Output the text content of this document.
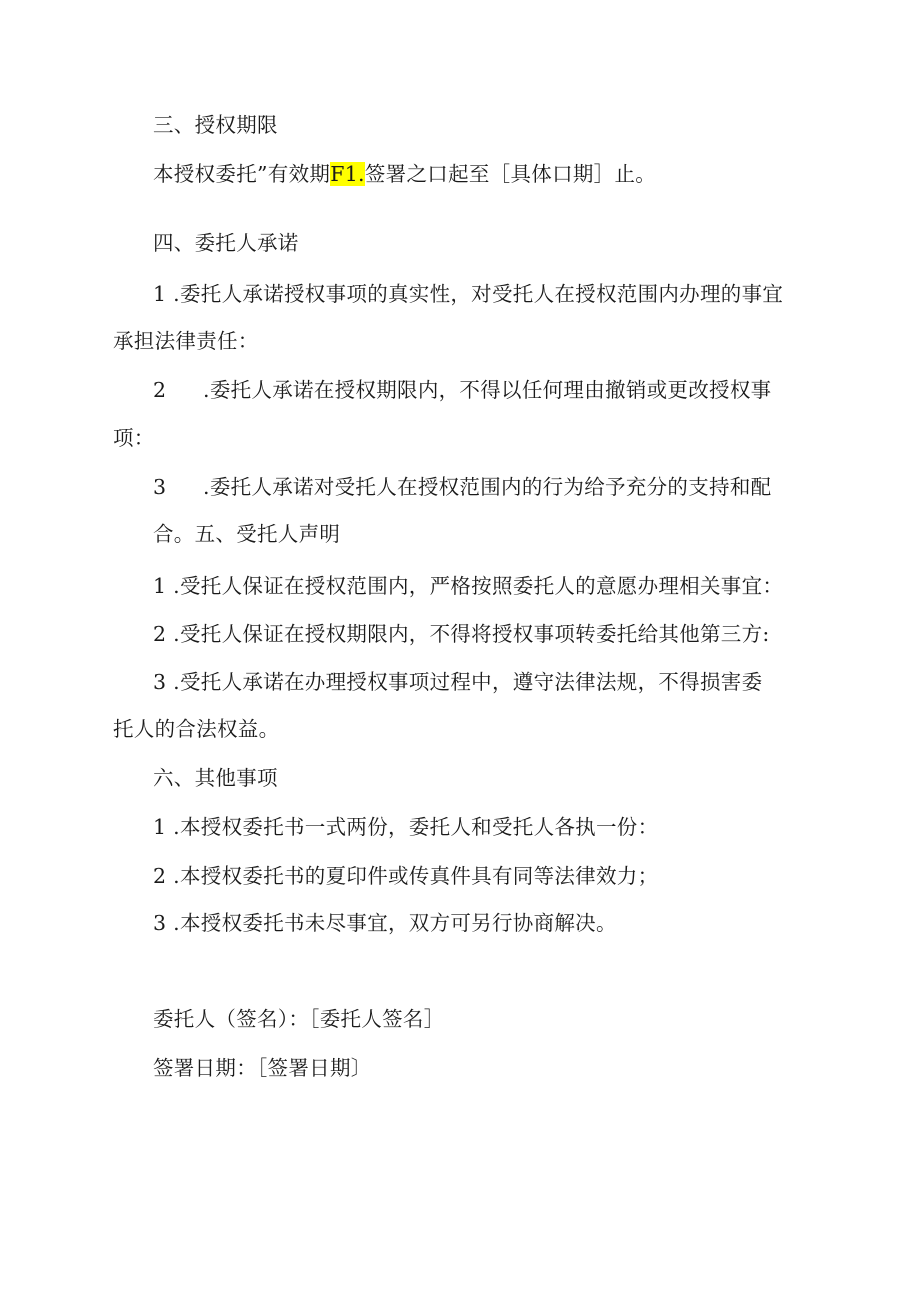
三、授权期限
本授权委托”有效期F1.签署之口起至［具体口期］止。
四、委托人承诺
1 .委托人承诺授权事项的真实性，对受托人在授权范围内办理的事宜
承担法律责任：
2 .委托人承诺在授权期限内，不得以任何理由撤销或更改授权事
项：
3 .委托人承诺对受托人在授权范围内的行为给予充分的支持和配
合。五、受托人声明
1 .受托人保证在授权范围内，严格按照委托人的意愿办理相关事宜：
2 .受托人保证在授权期限内，不得将授权事项转委托给其他第三方:
3 .受托人承诺在办理授权事项过程中，遵守法律法规，不得损害委
托人的合法权益。
六、其他事项
1 .本授权委托书一式两份，委托人和受托人各执一份：
2 .本授权委托书的夏印件或传真件具有同等法律效力；
3 .本授权委托书未尽事宜，双方可另行协商解决。
委托人（签名）：［委托人签名］
签署日期：［签署日期〕
